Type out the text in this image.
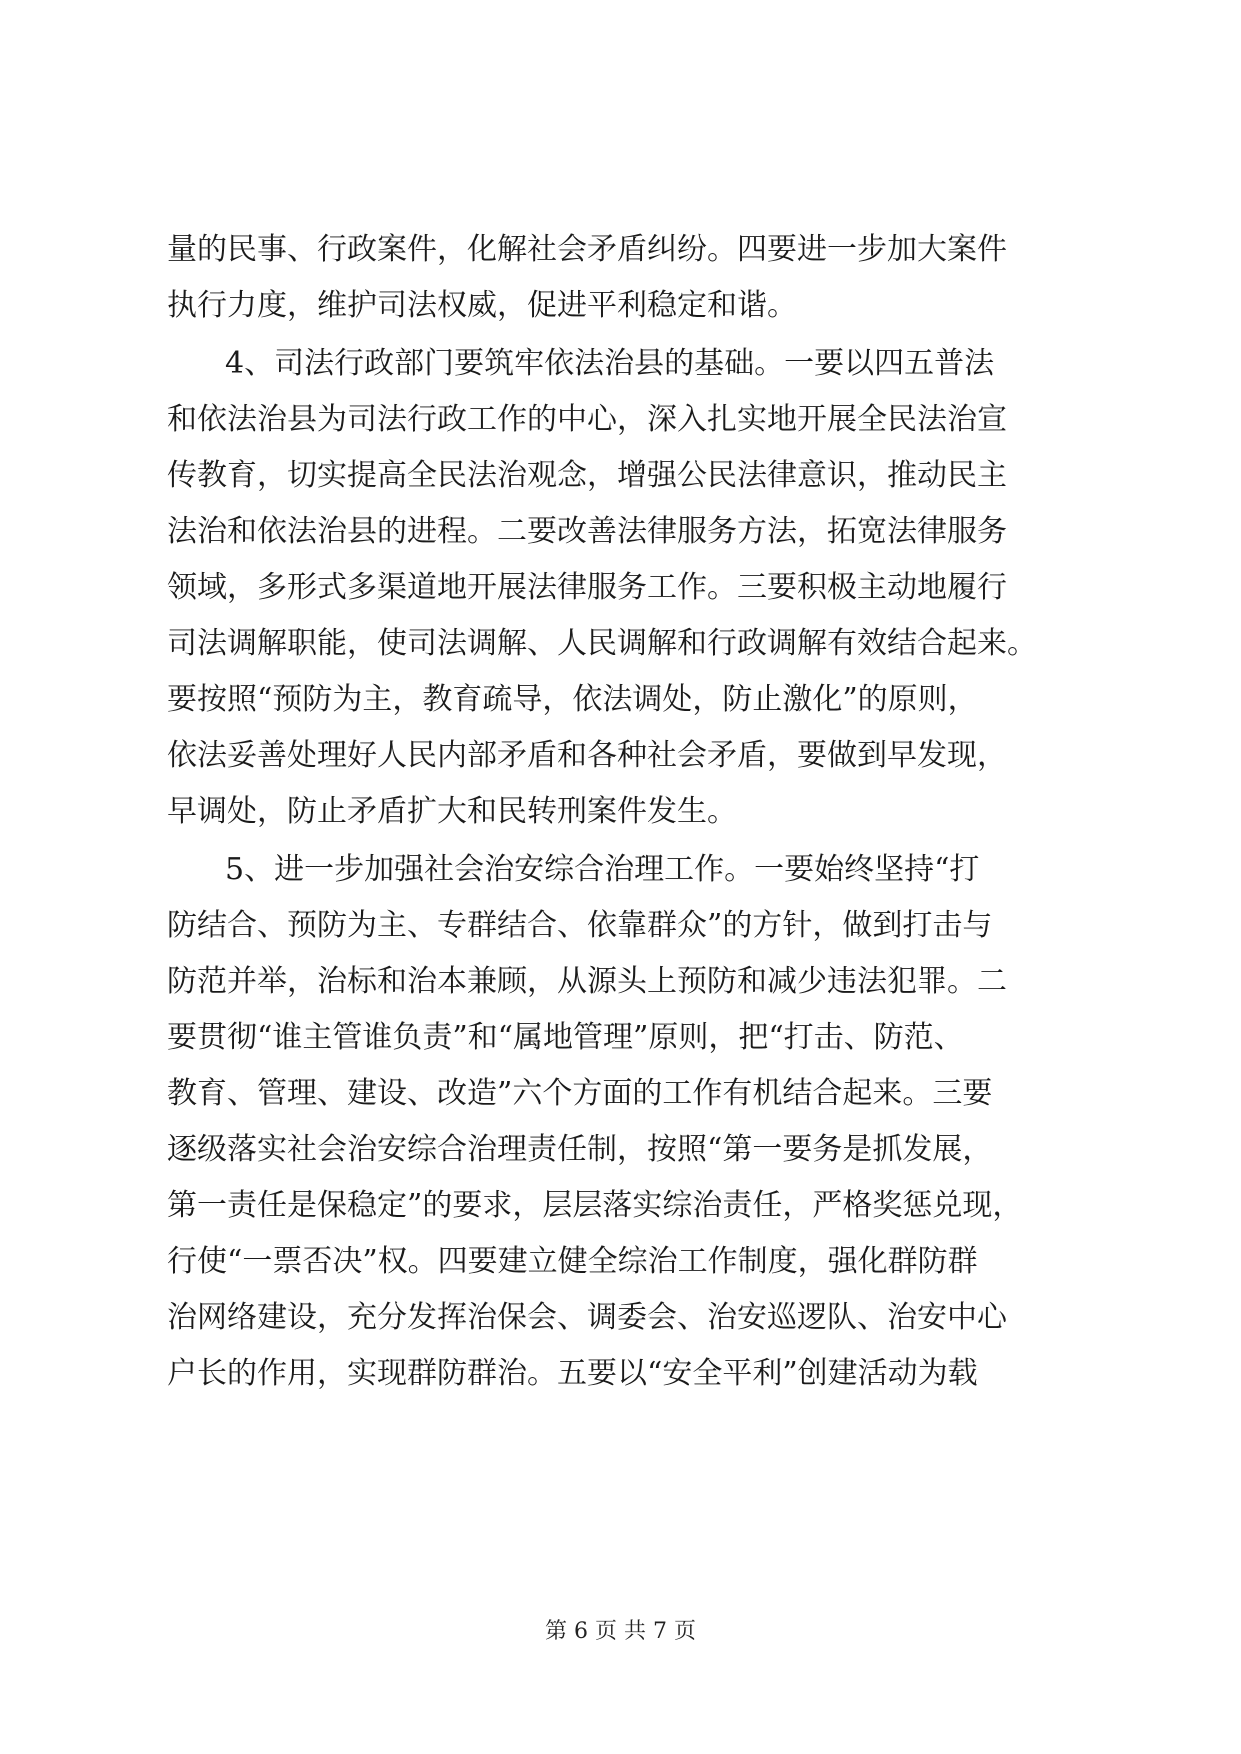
量的民事、行政案件，化解社会矛盾纠纷。四要进一步加大案件
执行力度，维护司法权威，促进平利稳定和谐。
4、司法行政部门要筑牢依法治县的基础。一要以四五普法
和依法治县为司法行政工作的中心，深入扎实地开展全民法治宣
传教育，切实提高全民法治观念，增强公民法律意识，推动民主
法治和依法治县的进程。二要改善法律服务方法，拓宽法律服务
领域，多形式多渠道地开展法律服务工作。三要积极主动地履行
司法调解职能，使司法调解、人民调解和行政调解有效结合起来。
要按照“预防为主，教育疏导，依法调处，防止激化”的原则，
依法妥善处理好人民内部矛盾和各种社会矛盾，要做到早发现，
早调处，防止矛盾扩大和民转刑案件发生。
5、进一步加强社会治安综合治理工作。一要始终坚持“打
防结合、预防为主、专群结合、依靠群众”的方针，做到打击与
防范并举，治标和治本兼顾，从源头上预防和减少违法犯罪。二
要贯彻“谁主管谁负责”和“属地管理”原则，把“打击、防范、
教育、管理、建设、改造”六个方面的工作有机结合起来。三要
逐级落实社会治安综合治理责任制，按照“第一要务是抓发展，
第一责任是保稳定”的要求，层层落实综治责任，严格奖惩兑现，
行使“一票否决”权。四要建立健全综治工作制度，强化群防群
治网络建设，充分发挥治保会、调委会、治安巡逻队、治安中心
户长的作用，实现群防群治。五要以“安全平利”创建活动为载
第 6 页 共 7 页
